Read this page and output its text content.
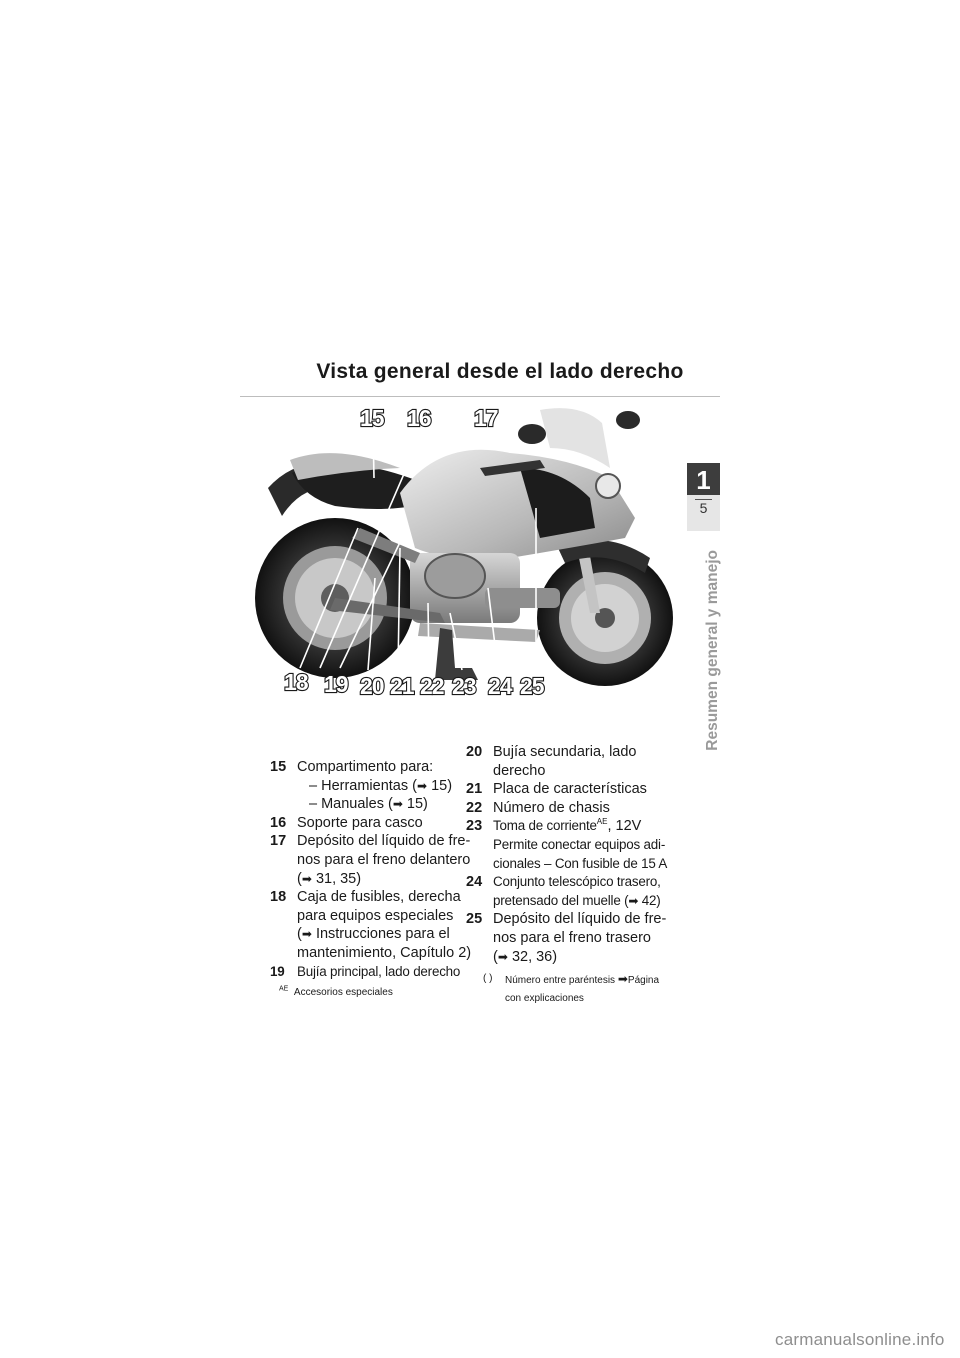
Vista general desde el lado derecho
15 16 17
25
24
23
22
21
20
19
18
15 Compartimento para:
– Herramientas (➡ 15)
– Manuales (➡ 15)
16 Soporte para casco
17 Depósito del líquido de fre-
nos para el freno delantero
(➡ 31, 35)
18 Caja de fusibles, derecha
para equipos especiales
(➡ Instrucciones para el
mantenimiento, Capítulo 2)
19 Bujía principal, lado derecho
20 Bujía secundaria, lado
derecho
21 Placa de características
22 Número de chasis
23 Toma de corriente$^{AE}$, 12V
Permite conectar equipos adi-
cionales – Con fusible de 15 A
24 Conjunto telescópico trasero,
pretensado del muelle (➡ 42)
25 Depósito del líquido de fre-
nos para el freno trasero
(➡ 32, 36)
$^{AE}$ Accesorios especiales
( )	Número entre paréntesis ➡Página
con explicaciones
1
5
Resumen general y manejo
carmanualsonline.info
